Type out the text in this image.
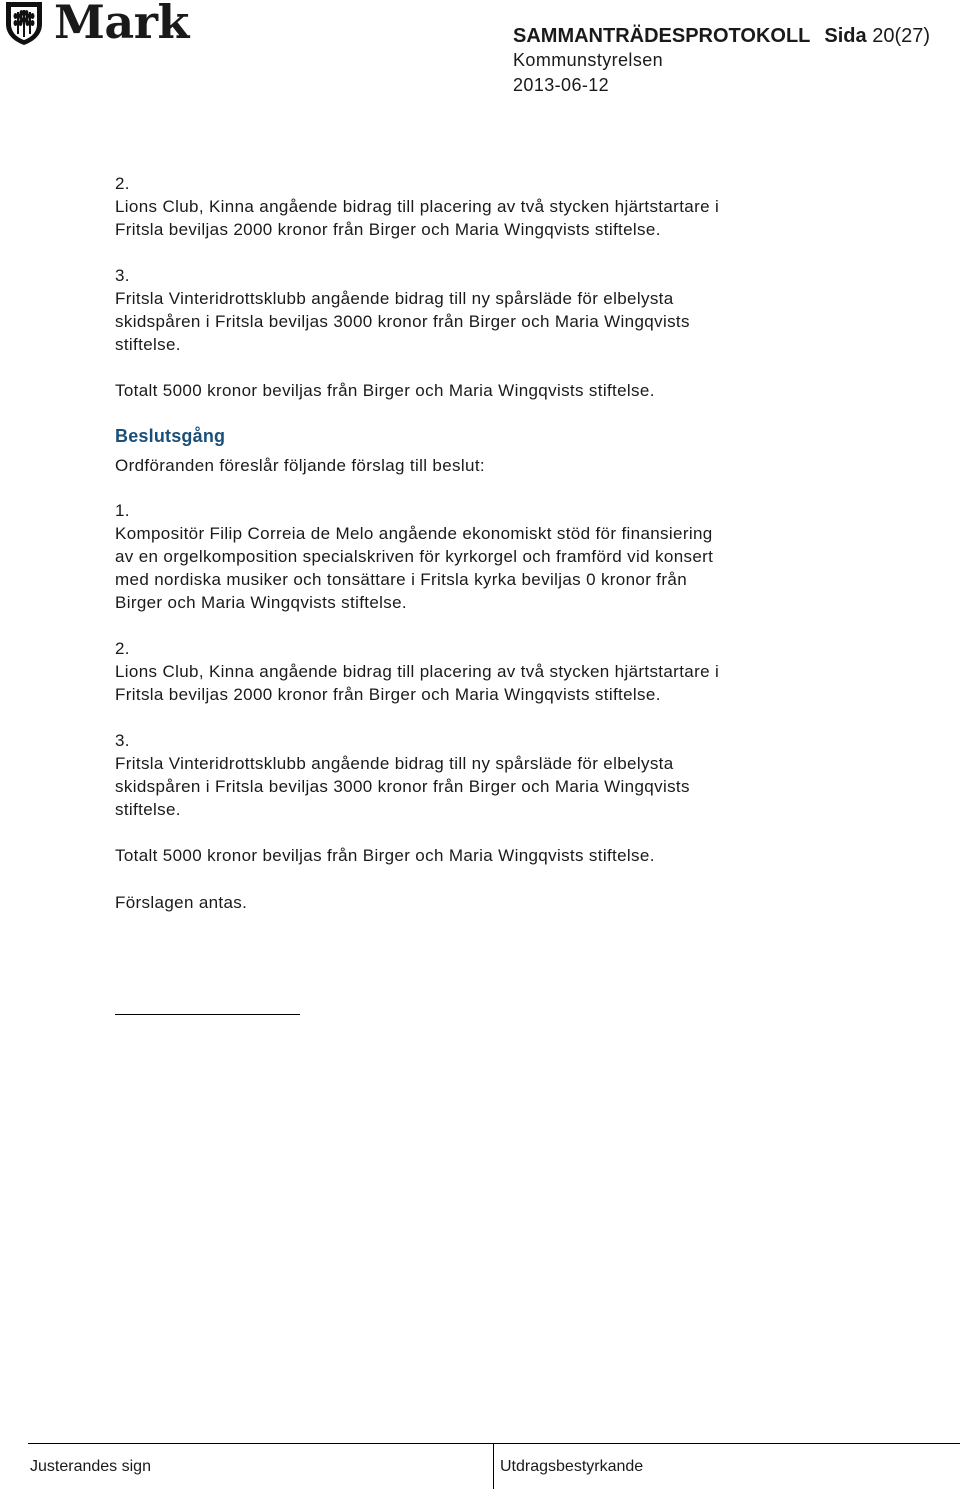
Mark	SAMMANTRÄDESPROTOKOLL Sida 20(27)
Kommunstyrelsen
2013-06-12
2.
Lions Club, Kinna angående bidrag till placering av två stycken hjärtstartare i
Fritsla beviljas 2000 kronor från Birger och Maria Wingqvists stiftelse.
3.
Fritsla Vinteridrottsklubb angående bidrag till ny spårsläde för elbelysta
skidspåren i Fritsla beviljas 3000 kronor från Birger och Maria Wingqvists
stiftelse.
Totalt 5000 kronor beviljas från Birger och Maria Wingqvists stiftelse.
Beslutsgång
Ordföranden föreslår följande förslag till beslut:
1.
Kompositör Filip Correia de Melo angående ekonomiskt stöd för finansiering
av en orgelkomposition specialskriven för kyrkorgel och framförd vid konsert
med nordiska musiker och tonsättare i Fritsla kyrka beviljas 0 kronor från
Birger och Maria Wingqvists stiftelse.
2.
Lions Club, Kinna angående bidrag till placering av två stycken hjärtstartare i
Fritsla beviljas 2000 kronor från Birger och Maria Wingqvists stiftelse.
3.
Fritsla Vinteridrottsklubb angående bidrag till ny spårsläde för elbelysta
skidspåren i Fritsla beviljas 3000 kronor från Birger och Maria Wingqvists
stiftelse.
Totalt 5000 kronor beviljas från Birger och Maria Wingqvists stiftelse.
Förslagen antas.
Justerandes sign	Utdragsbestyrkande
